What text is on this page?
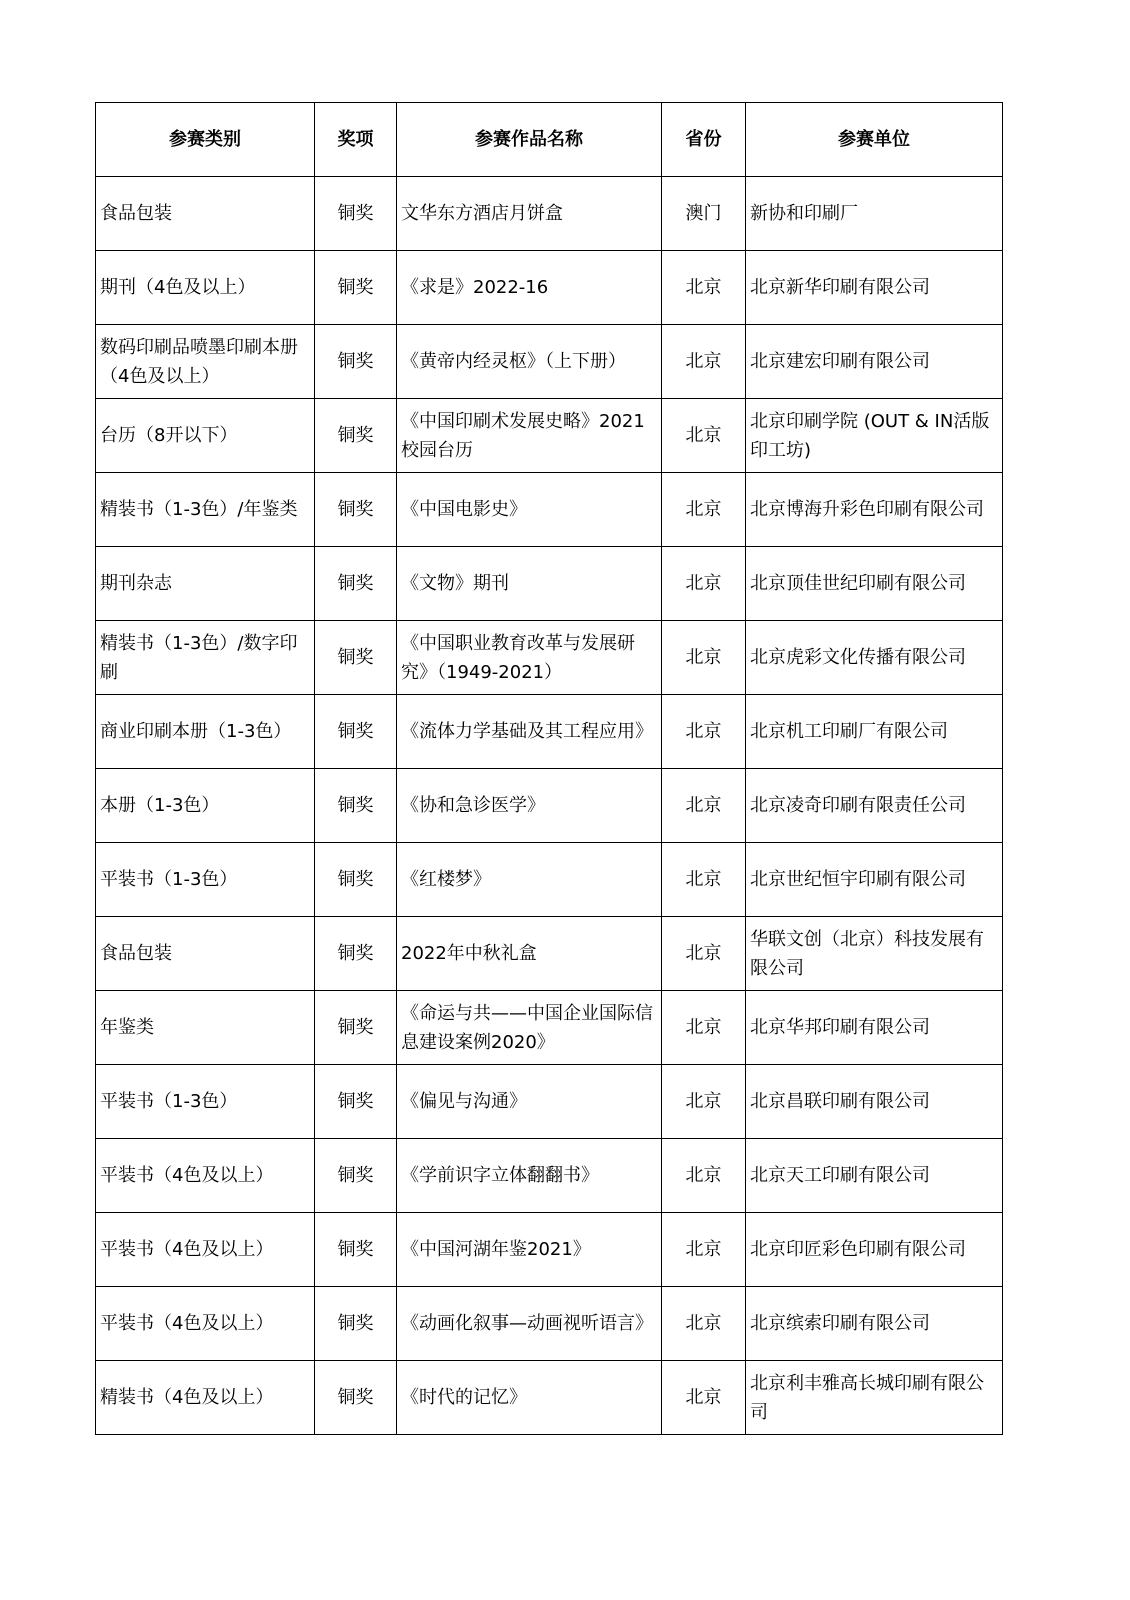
参赛类别	奖项	参赛作品名称	省份	参赛单位
食品包装	铜奖	文华东方酒店月饼盒	澳门	新协和印刷厂
期刊（4色及以上）	铜奖	《求是》2022-16	北京	北京新华印刷有限公司
数码印刷品喷墨印刷本册（4色及以上）	铜奖	《黄帝内经灵枢》（上下册）	北京	北京建宏印刷有限公司
台历（8开以下）	铜奖	《中国印刷术发展史略》2021校园台历	北京	北京印刷学院 (OUT & IN活版印工坊)
精装书（1-3色）/年鉴类	铜奖	《中国电影史》	北京	北京博海升彩色印刷有限公司
期刊杂志	铜奖	《文物》期刊	北京	北京顶佳世纪印刷有限公司
精装书（1-3色）/数字印刷	铜奖	《中国职业教育改革与发展研究》（1949-2021）	北京	北京虎彩文化传播有限公司
商业印刷本册（1-3色）	铜奖	《流体力学基础及其工程应用》	北京	北京机工印刷厂有限公司
本册（1-3色）	铜奖	《协和急诊医学》	北京	北京凌奇印刷有限责任公司
平装书（1-3色）	铜奖	《红楼梦》	北京	北京世纪恒宇印刷有限公司
食品包装	铜奖	2022年中秋礼盒	北京	华联文创（北京）科技发展有限公司
年鉴类	铜奖	《命运与共——中国企业国际信息建设案例2020》	北京	北京华邦印刷有限公司
平装书（1-3色）	铜奖	《偏见与沟通》	北京	北京昌联印刷有限公司
平装书（4色及以上）	铜奖	《学前识字立体翻翻书》	北京	北京天工印刷有限公司
平装书（4色及以上）	铜奖	《中国河湖年鉴2021》	北京	北京印匠彩色印刷有限公司
平装书（4色及以上）	铜奖	《动画化叙事—动画视听语言》	北京	北京缤索印刷有限公司
精装书（4色及以上）	铜奖	《时代的记忆》	北京	北京利丰雅高长城印刷有限公司
